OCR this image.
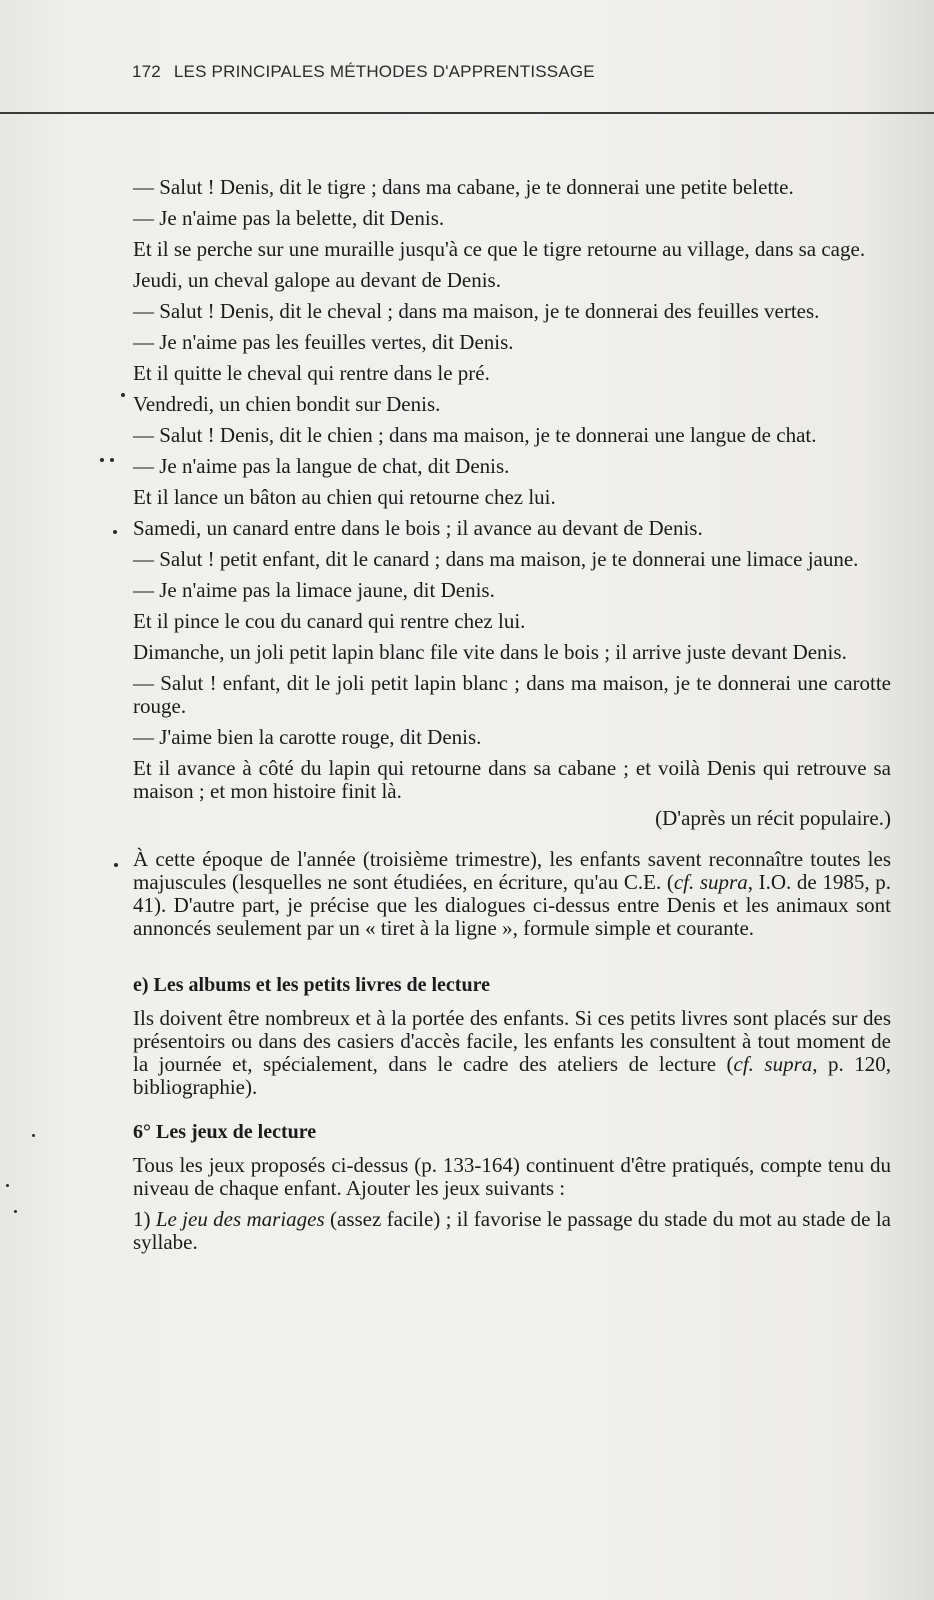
172 LES PRINCIPALES MÉTHODES D'APPRENTISSAGE

— Salut ! Denis, dit le tigre ; dans ma cabane, je te donnerai une petite belette.

— Je n'aime pas la belette, dit Denis.

Et il se perche sur une muraille jusqu'à ce que le tigre retourne au village, dans sa cage.

Jeudi, un cheval galope au devant de Denis.

— Salut ! Denis, dit le cheval ; dans ma maison, je te donnerai des feuilles vertes.

— Je n'aime pas les feuilles vertes, dit Denis.

Et il quitte le cheval qui rentre dans le pré.

Vendredi, un chien bondit sur Denis.

— Salut ! Denis, dit le chien ; dans ma maison, je te donnerai une langue de chat.

— Je n'aime pas la langue de chat, dit Denis.

Et il lance un bâton au chien qui retourne chez lui.

Samedi, un canard entre dans le bois ; il avance au devant de Denis.

— Salut ! petit enfant, dit le canard ; dans ma maison, je te donnerai une limace jaune.

— Je n'aime pas la limace jaune, dit Denis.

Et il pince le cou du canard qui rentre chez lui.

Dimanche, un joli petit lapin blanc file vite dans le bois ; il arrive juste devant Denis.

— Salut ! enfant, dit le joli petit lapin blanc ; dans ma maison, je te donnerai une carotte rouge.

— J'aime bien la carotte rouge, dit Denis.

Et il avance à côté du lapin qui retourne dans sa cabane ; et voilà Denis qui retrouve sa maison ; et mon histoire finit là.

(D'après un récit populaire.)

À cette époque de l'année (troisième trimestre), les enfants savent reconnaître toutes les majuscules (lesquelles ne sont étudiées, en écriture, qu'au C.E. (cf. supra, I.O. de 1985, p. 41). D'autre part, je précise que les dialogues ci-dessus entre Denis et les animaux sont annoncés seulement par un « tiret à la ligne », formule simple et courante.

e) Les albums et les petits livres de lecture

Ils doivent être nombreux et à la portée des enfants. Si ces petits livres sont placés sur des présentoirs ou dans des casiers d'accès facile, les enfants les consultent à tout moment de la journée et, spécialement, dans le cadre des ateliers de lecture (cf. supra, p. 120, bibliographie).

6° Les jeux de lecture

Tous les jeux proposés ci-dessus (p. 133-164) continuent d'être pratiqués, compte tenu du niveau de chaque enfant. Ajouter les jeux suivants :

1) Le jeu des mariages (assez facile) ; il favorise le passage du stade du mot au stade de la syllabe.
